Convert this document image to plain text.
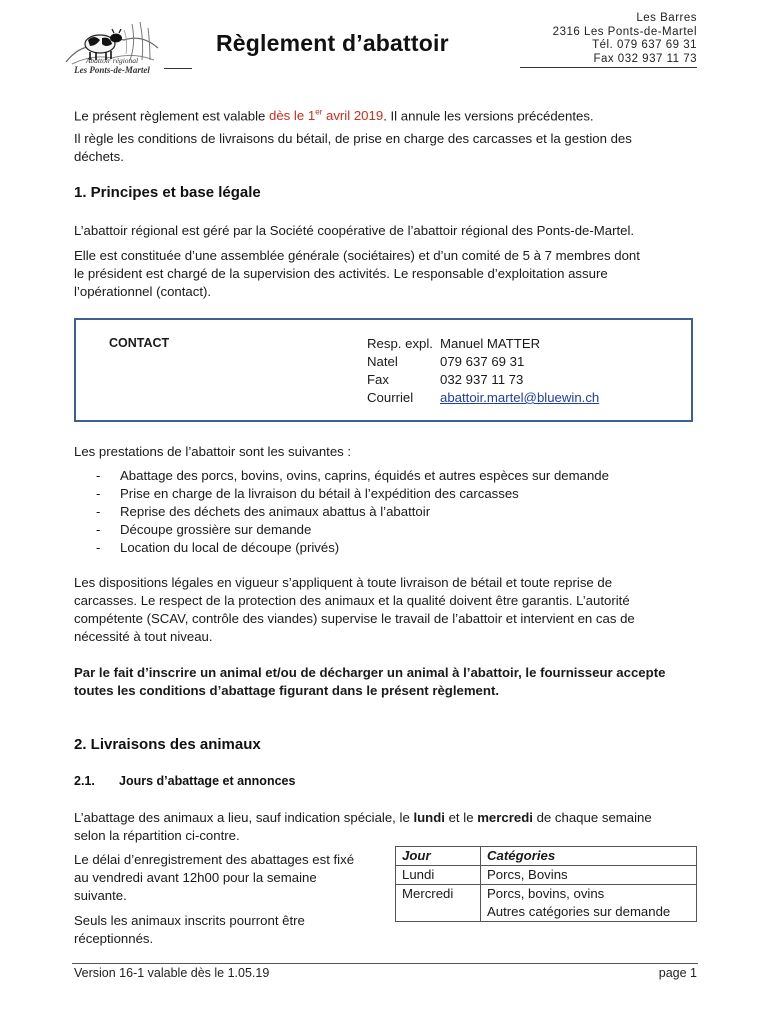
Abattoir régional
Les Ponts-de-Martel
Règlement d’abattoir
Les Barres
2316 Les Ponts-de-Martel
Tél. 079 637 69 31
Fax 032 937 11 73
Le présent règlement est valable dès le 1er avril 2019. Il annule les versions précédentes.
Il règle les conditions de livraisons du bétail, de prise en charge des carcasses et la gestion des
déchets.
1. Principes et base légale
L’abattoir régional est géré par la Société coopérative de l’abattoir régional des Ponts-de-Martel.
Elle est constituée d’une assemblée générale (sociétaires) et d’un comité de 5 à 7 membres dont
le président est chargé de la supervision des activités. Le responsable d’exploitation assure
l’opérationnel (contact).
CONTACT	Resp. expl. Manuel MATTER
Natel	079 637 69 31
Fax	032 937 11 73
Courriel abattoir.martel@bluewin.ch
Les prestations de l’abattoir sont les suivantes :
- Abattage des porcs, bovins, ovins, caprins, équidés et autres espèces sur demande
- Prise en charge de la livraison du bétail à l’expédition des carcasses
- Reprise des déchets des animaux abattus à l’abattoir
- Découpe grossière sur demande
- Location du local de découpe (privés)
Les dispositions légales en vigueur s’appliquent à toute livraison de bétail et toute reprise de
carcasses. Le respect de la protection des animaux et la qualité doivent être garantis. L’autorité
compétente (SCAV, contrôle des viandes) supervise le travail de l’abattoir et intervient en cas de
nécessité à tout niveau.
Par le fait d’inscrire un animal et/ou de décharger un animal à l’abattoir, le fournisseur accepte
toutes les conditions d’abattage figurant dans le présent règlement.
2. Livraisons des animaux
2.1. Jours d’abattage et annonces
L’abattage des animaux a lieu, sauf indication spéciale, le lundi et le mercredi de chaque semaine
selon la répartition ci-contre.
Le délai d’enregistrement des abattages est fixé
au vendredi avant 12h00 pour la semaine
suivante.
Seuls les animaux inscrits pourront être
réceptionnés.
Jour	Catégories
Lundi	Porcs, Bovins

Mercredi	Porcs, bovins, ovins
Autres catégories sur demande
Version 16-1 valable dès le 1.05.19	page 1
